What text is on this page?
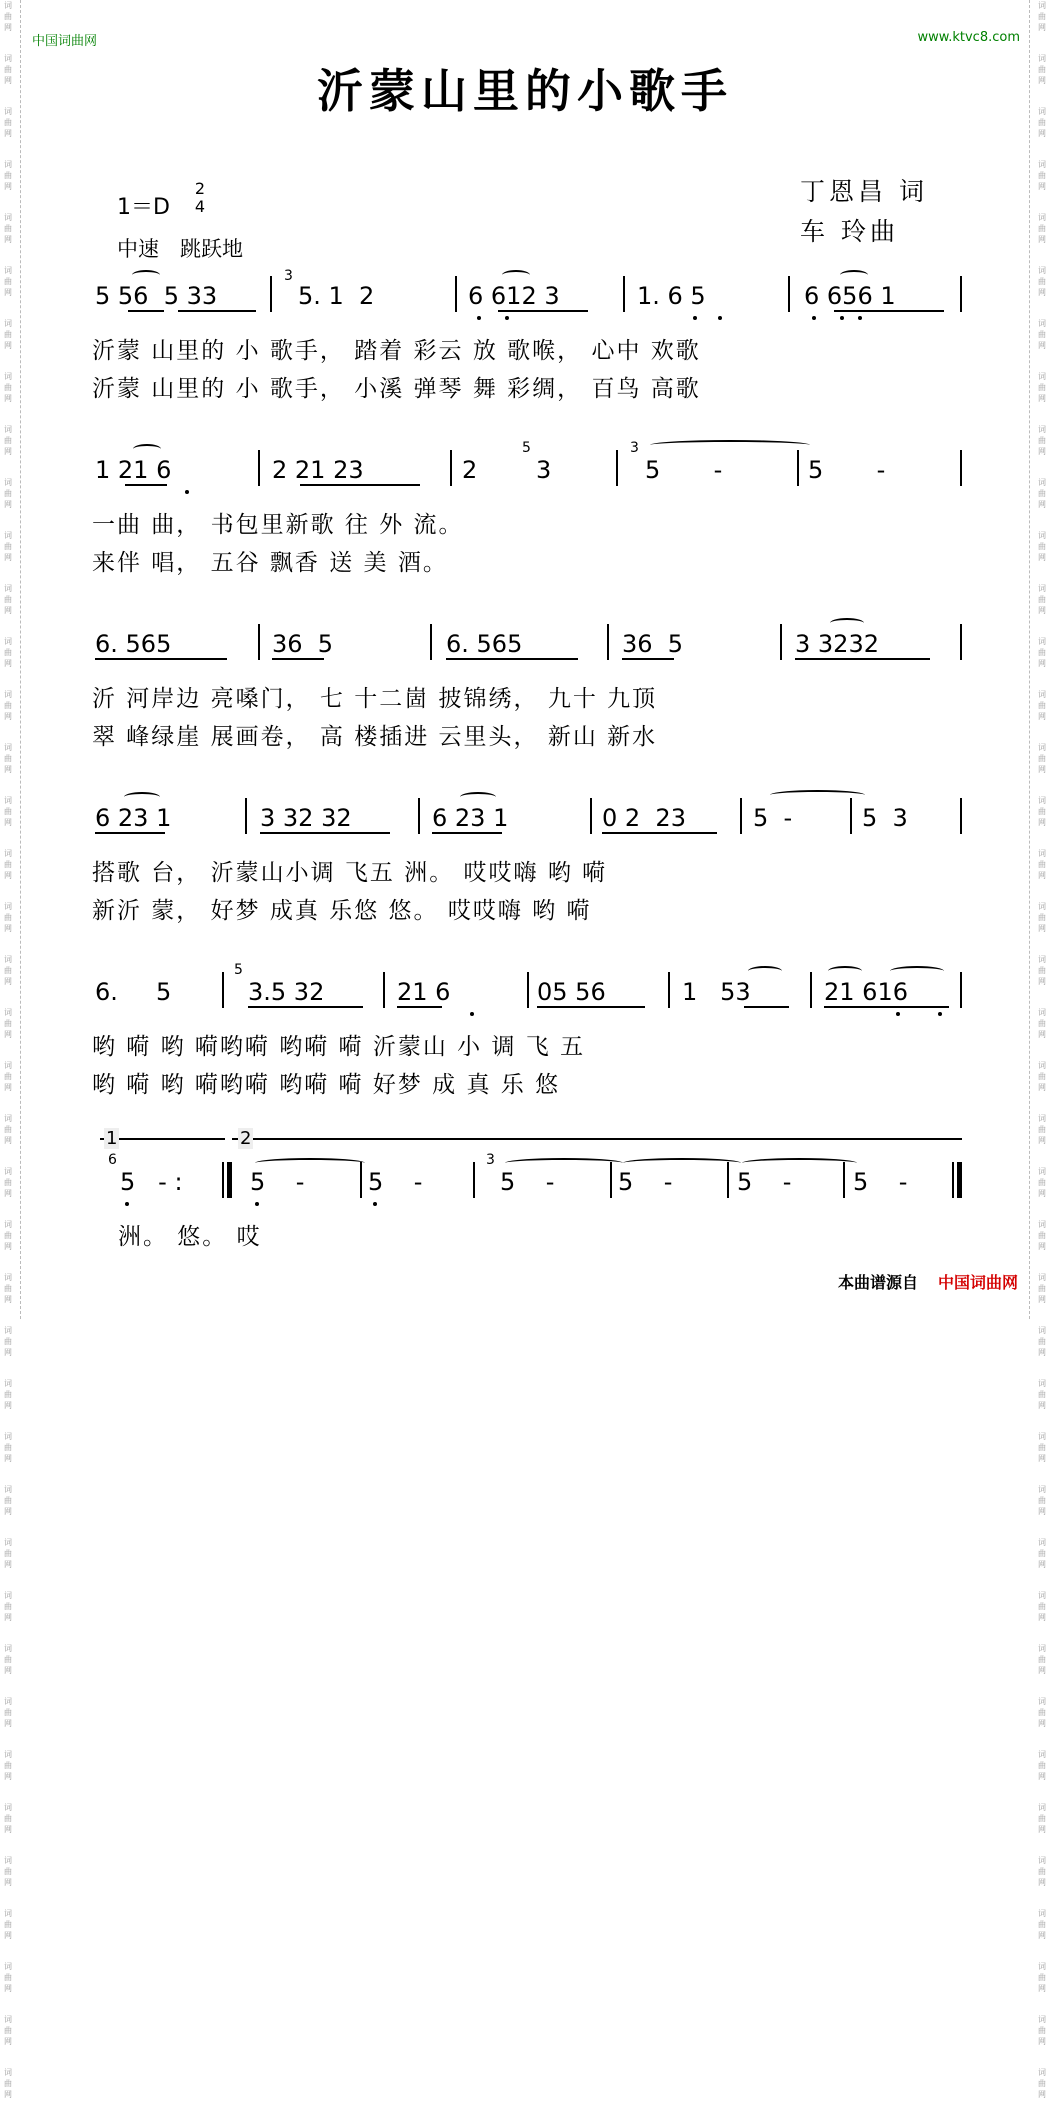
词
曲
网
词
曲
网
词
曲
网
词
曲
网
词
曲
网
词
曲
网
词
曲
网
词
曲
网
词
曲
网
词
曲
网
词
曲
网
词
曲
网
词
曲
网
词
曲
网
词
曲
网
词
曲
网
词
曲
网
词
曲
网
词
曲
网
词
曲
网
词
曲
网
词
曲
网
词
曲
网
词
曲
网
词
曲
网
词
曲
网
词
曲
网
词
曲
网
词
曲
网
词
曲
网
词
曲
网
词
曲
网
词
曲
网
词
曲
网
词
曲
网
词
曲
网
词
曲
网
词
曲
网
词
曲
网
词
曲
网
词
曲
网
词
曲
网
词
曲
网
词
曲
网
词
曲
网
词
曲
网
词
曲
网
词
曲
网
词
曲
网
词
曲
网
词
曲
网
词
曲
网
词
曲
网
词
曲
网
词
曲
网
词
曲
网
词
曲
网
词
曲
网
词
曲
网
词
曲
网
词
曲
网
词
曲
网
词
曲
网
词
曲
网
词
曲
网
词
曲
网
词
曲
网
词
曲
网
词
曲
网
词
曲
网
词
曲
网
词
曲
网
词
曲
网
词
曲
网
词
曲
网
词
曲
网
词
曲
网
词
曲
网
词
曲
网
词
曲
网
中国词曲网	www.ktvc8.com
沂蒙山里的小歌手
丁恩昌 词
车 玲曲
1＝D
2
4
中速　跳跃地
5 56  5 33
3
5. 1  2	6 612 3	1. 6 5	6 656 1
沂蒙 山里的 小 歌手， 踏着 彩云 放 歌喉， 心中 欢歌
沂蒙 山里的 小 歌手， 小溪 弹琴 舞 彩绸， 百鸟 高歌
1 21 6	2 21 23	2
5
3
3
5       -	5       -
一曲 曲， 书包里新歌 往 外 流。
来伴 唱， 五谷 飘香 送 美 酒。
6. 565	36  5	6. 565	36  5	3 3232
沂 河岸边 亮嗓门， 七 十二崮 披锦绣， 九十 九顶
翠 峰绿崖 展画卷， 高 楼插进 云里头， 新山 新水
6 23 1	3 32 32	6 23 1	0 2  23	5  -	5  3
搭歌 台， 沂蒙山小调 飞五 洲。 哎哎嗨 哟 嗬
新沂 蒙， 好梦 成真 乐悠 悠。 哎哎嗨 哟 嗬
6.     5
5
3.5 32	21 6	05 56	1   53	21 616
哟 嗬 哟 嗬哟嗬 哟嗬 嗬 沂蒙山 小 调 飞 五
哟 嗬 哟 嗬哟嗬 哟嗬 嗬 好梦 成 真 乐 悠
1	2
6
5   - :	5    -	5    -
3
5    -	5    -	5    -	5    -
洲。 悠。 哎
本曲谱源自 中国词曲网
